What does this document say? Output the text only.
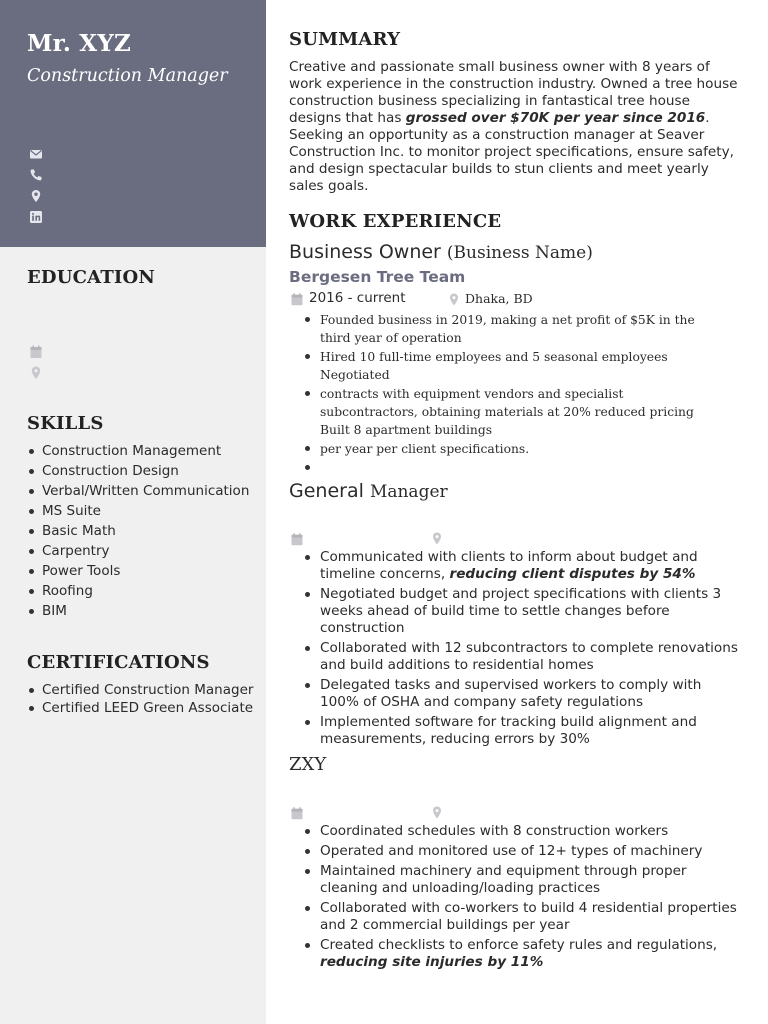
Mr. XYZ
Construction Manager
EDUCATION
SKILLS
Construction Management
Construction Design
Verbal/Written Communication
MS Suite
Basic Math
Carpentry
Power Tools
Roofing
BIM
CERTIFICATIONS
Certified Construction Manager
Certified LEED Green Associate
SUMMARY

Creative and passionate small business owner with 8 years of work experience in the construction industry. Owned a tree house construction business specializing in fantastical tree house designs that has grossed over $70K per year since 2016. Seeking an opportunity as a construction manager at Seaver Construction Inc. to monitor project specifications, ensure safety, and design spectacular builds to stun clients and meet yearly sales goals.

WORK EXPERIENCE
Business Owner (Business Name)
Bergesen Tree Team
2016 - current	Dhaka, BD
Founded business in 2019, making a net profit of $5K in the third year of operation
Hired 10 full-time employees and 5 seasonal employees Negotiated
contracts with equipment vendors and specialist subcontractors, obtaining materials at 20% reduced pricing Built 8 apartment buildings
per year per client specifications.
General Manager
Communicated with clients to inform about budget and timeline concerns, reducing client disputes by 54%
Negotiated budget and project specifications with clients 3 weeks ahead of build time to settle changes before construction
Collaborated with 12 subcontractors to complete renovations and build additions to residential homes
Delegated tasks and supervised workers to comply with 100% of OSHA and company safety regulations
Implemented software for tracking build alignment and measurements, reducing errors by 30%
ZXY
Coordinated schedules with 8 construction workers
Operated and monitored use of 12+ types of machinery
Maintained machinery and equipment through proper cleaning and unloading/loading practices
Collaborated with co-workers to build 4 residential properties and 2 commercial buildings per year
Created checklists to enforce safety rules and regulations, reducing site injuries by 11%
